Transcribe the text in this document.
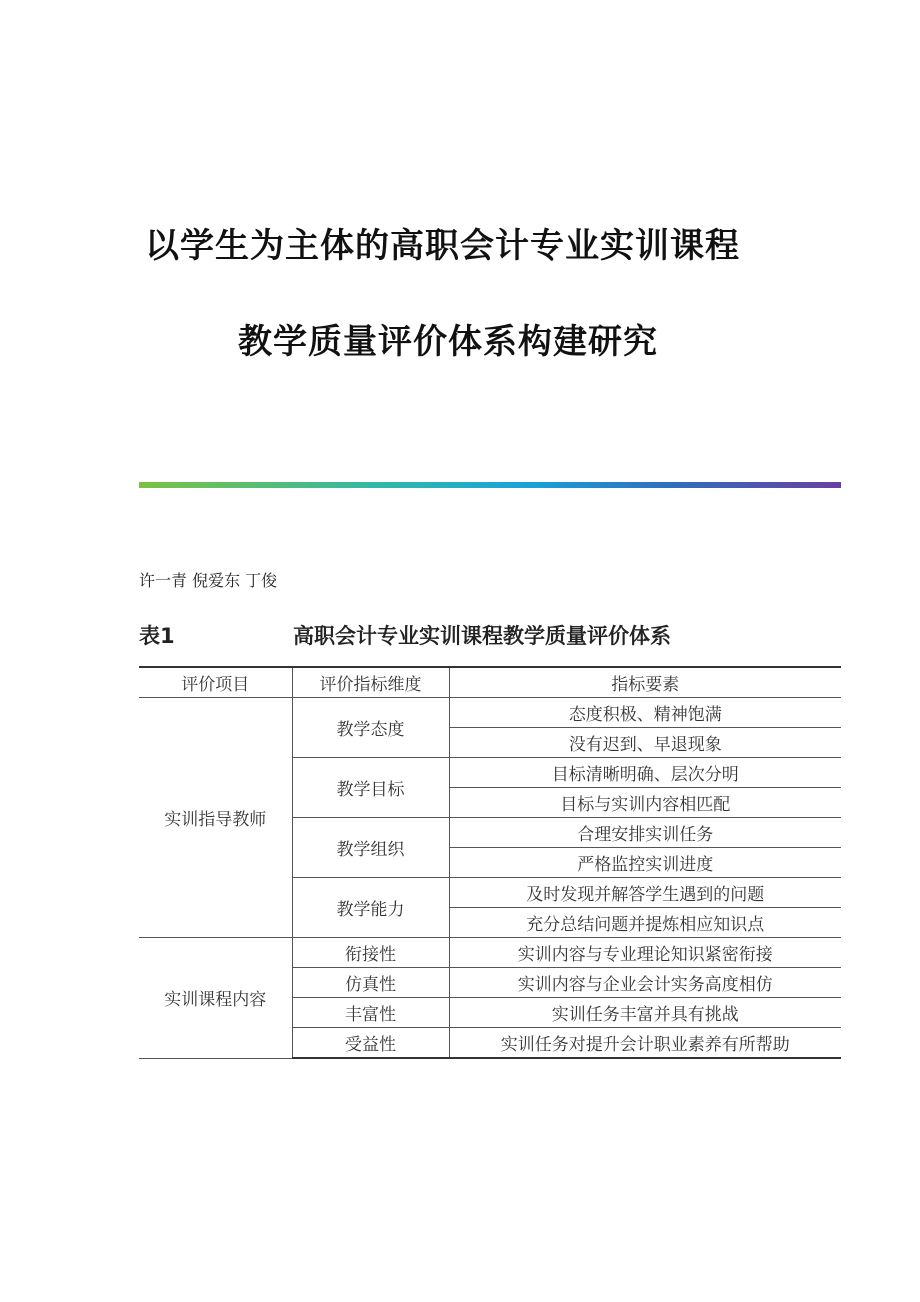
以学生为主体的高职会计专业实训课程
教学质量评价体系构建研究
许一青 倪爱东 丁俊
表1	高职会计专业实训课程教学质量评价体系
评价项目	评价指标维度	指标要素
实训指导教师	教学态度	态度积极、精神饱满
		没有迟到、早退现象
	教学目标	目标清晰明确、层次分明
		目标与实训内容相匹配
	教学组织	合理安排实训任务
		严格监控实训进度
	教学能力	及时发现并解答学生遇到的问题
		充分总结问题并提炼相应知识点
实训课程内容	衔接性	实训内容与专业理论知识紧密衔接
	仿真性	实训内容与企业会计实务高度相仿
	丰富性	实训任务丰富并具有挑战
	受益性	实训任务对提升会计职业素养有所帮助
